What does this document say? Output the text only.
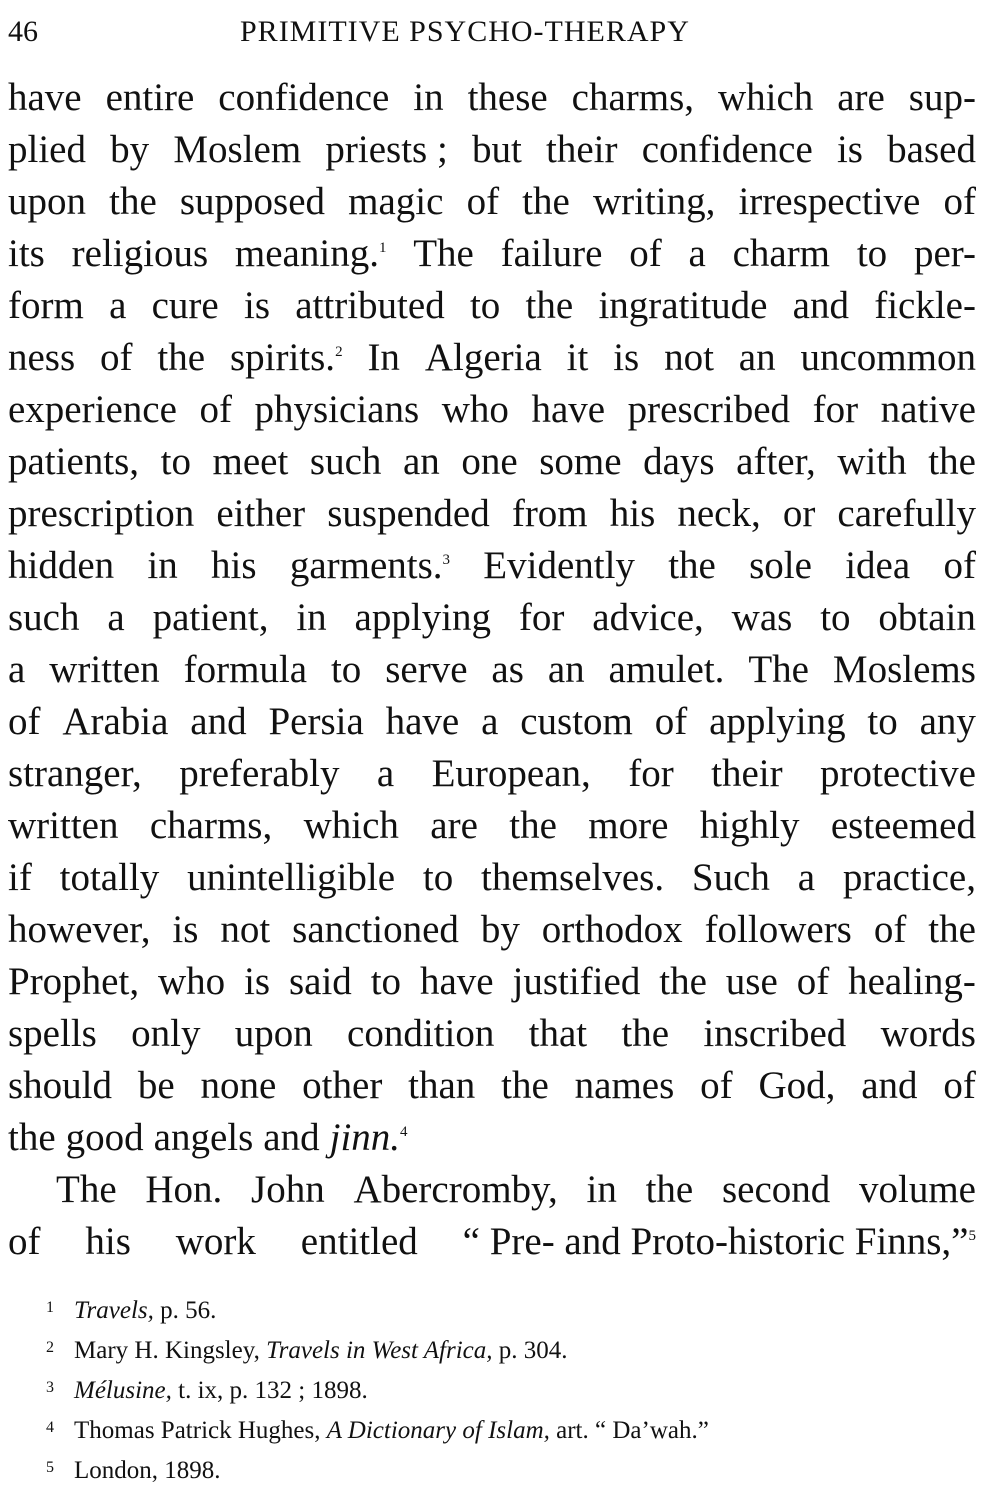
46	PRIMITIVE PSYCHO-THERAPY
have entire confidence in these charms, which are sup-
plied by Moslem priests ; but their confidence is based
upon the supposed magic of the writing, irrespective of
its religious meaning.$^1$ The failure of a charm to per-
form a cure is attributed to the ingratitude and fickle-
ness of the spirits.$^2$ In Algeria it is not an uncommon
experience of physicians who have prescribed for native
patients, to meet such an one some days after, with the
prescription either suspended from his neck, or carefully
hidden in his garments.$^3$ Evidently the sole idea of
such a patient, in applying for advice, was to obtain
a written formula to serve as an amulet. The Moslems
of Arabia and Persia have a custom of applying to any
stranger, preferably a European, for their protective
written charms, which are the more highly esteemed
if totally unintelligible to themselves. Such a practice,
however, is not sanctioned by orthodox followers of the
Prophet, who is said to have justified the use of healing-
spells only upon condition that the inscribed words
should be none other than the names of God, and of
the good angels and jinn.$^4$
The Hon. John Abercromby, in the second volume
of his work entitled “ Pre- and Proto-historic Finns,”$^5$
1 Travels, p. 56.
2 Mary H. Kingsley, Travels in West Africa, p. 304.
3 Mélusine, t. ix, p. 132 ; 1898.
4 Thomas Patrick Hughes, A Dictionary of Islam, art. “ Da’wah.”
5 London, 1898.
